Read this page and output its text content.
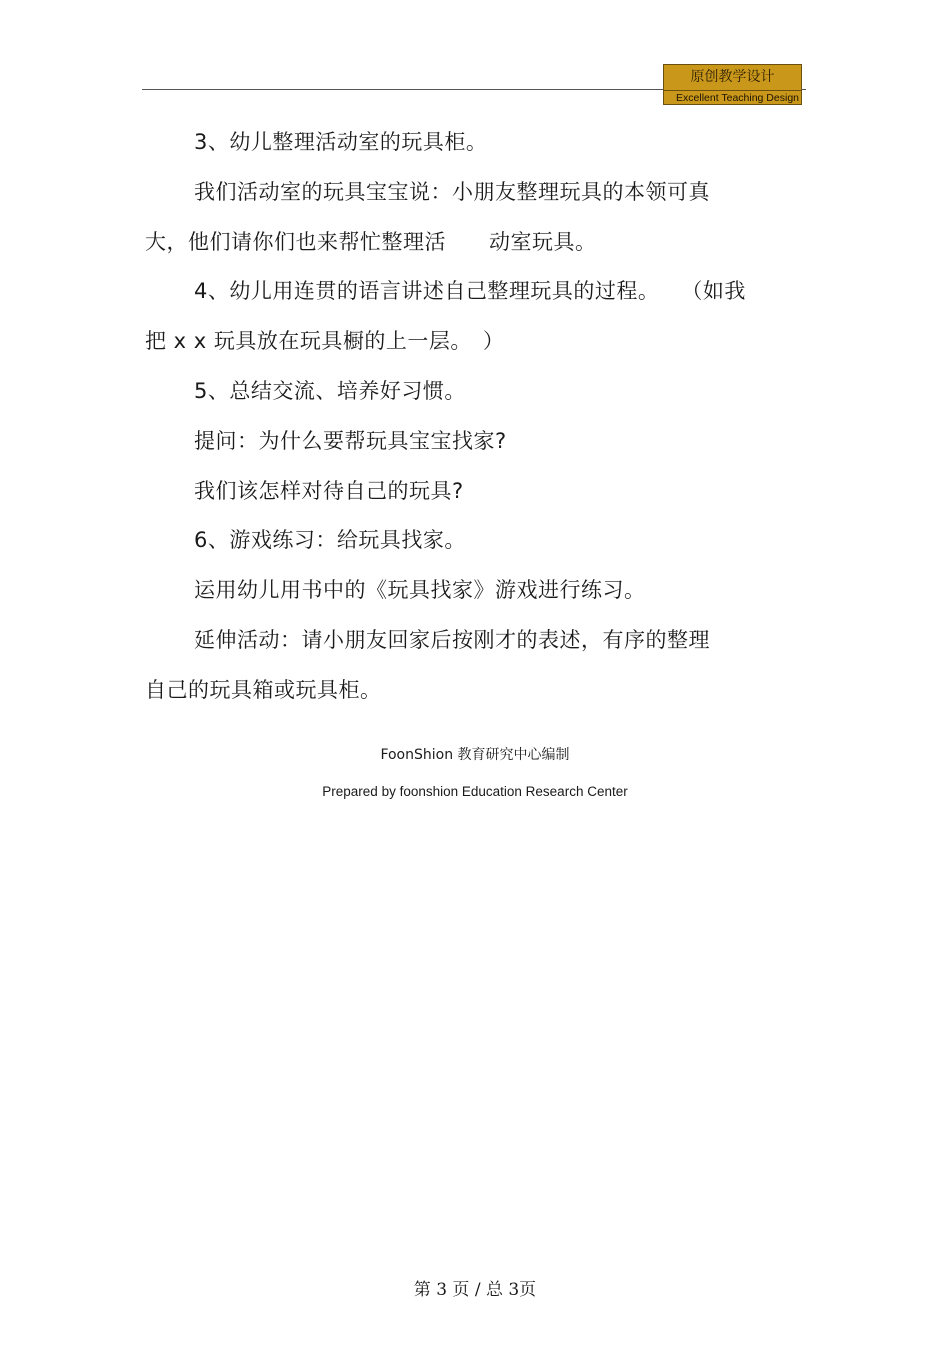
原创教学设计
Excellent Teaching Design
3、幼儿整理活动室的玩具柜。
我们活动室的玩具宝宝说：小朋友整理玩具的本领可真
大，他们请你们也来帮忙整理活　　动室玩具。
4、幼儿用连贯的语言讲述自己整理玩具的过程。　　（如我
把 x x 玩具放在玩具橱的上一层。　）
5、总结交流、培养好习惯。
提问：为什么要帮玩具宝宝找家?
我们该怎样对待自己的玩具?
6、游戏练习：给玩具找家。
运用幼儿用书中的《玩具找家》游戏进行练习。
延伸活动：请小朋友回家后按刚才的表述，有序的整理
自己的玩具箱或玩具柜。
FoonShion 教育研究中心编制
Prepared by foonshion Education Research Center
第 3 页 / 总 3页
